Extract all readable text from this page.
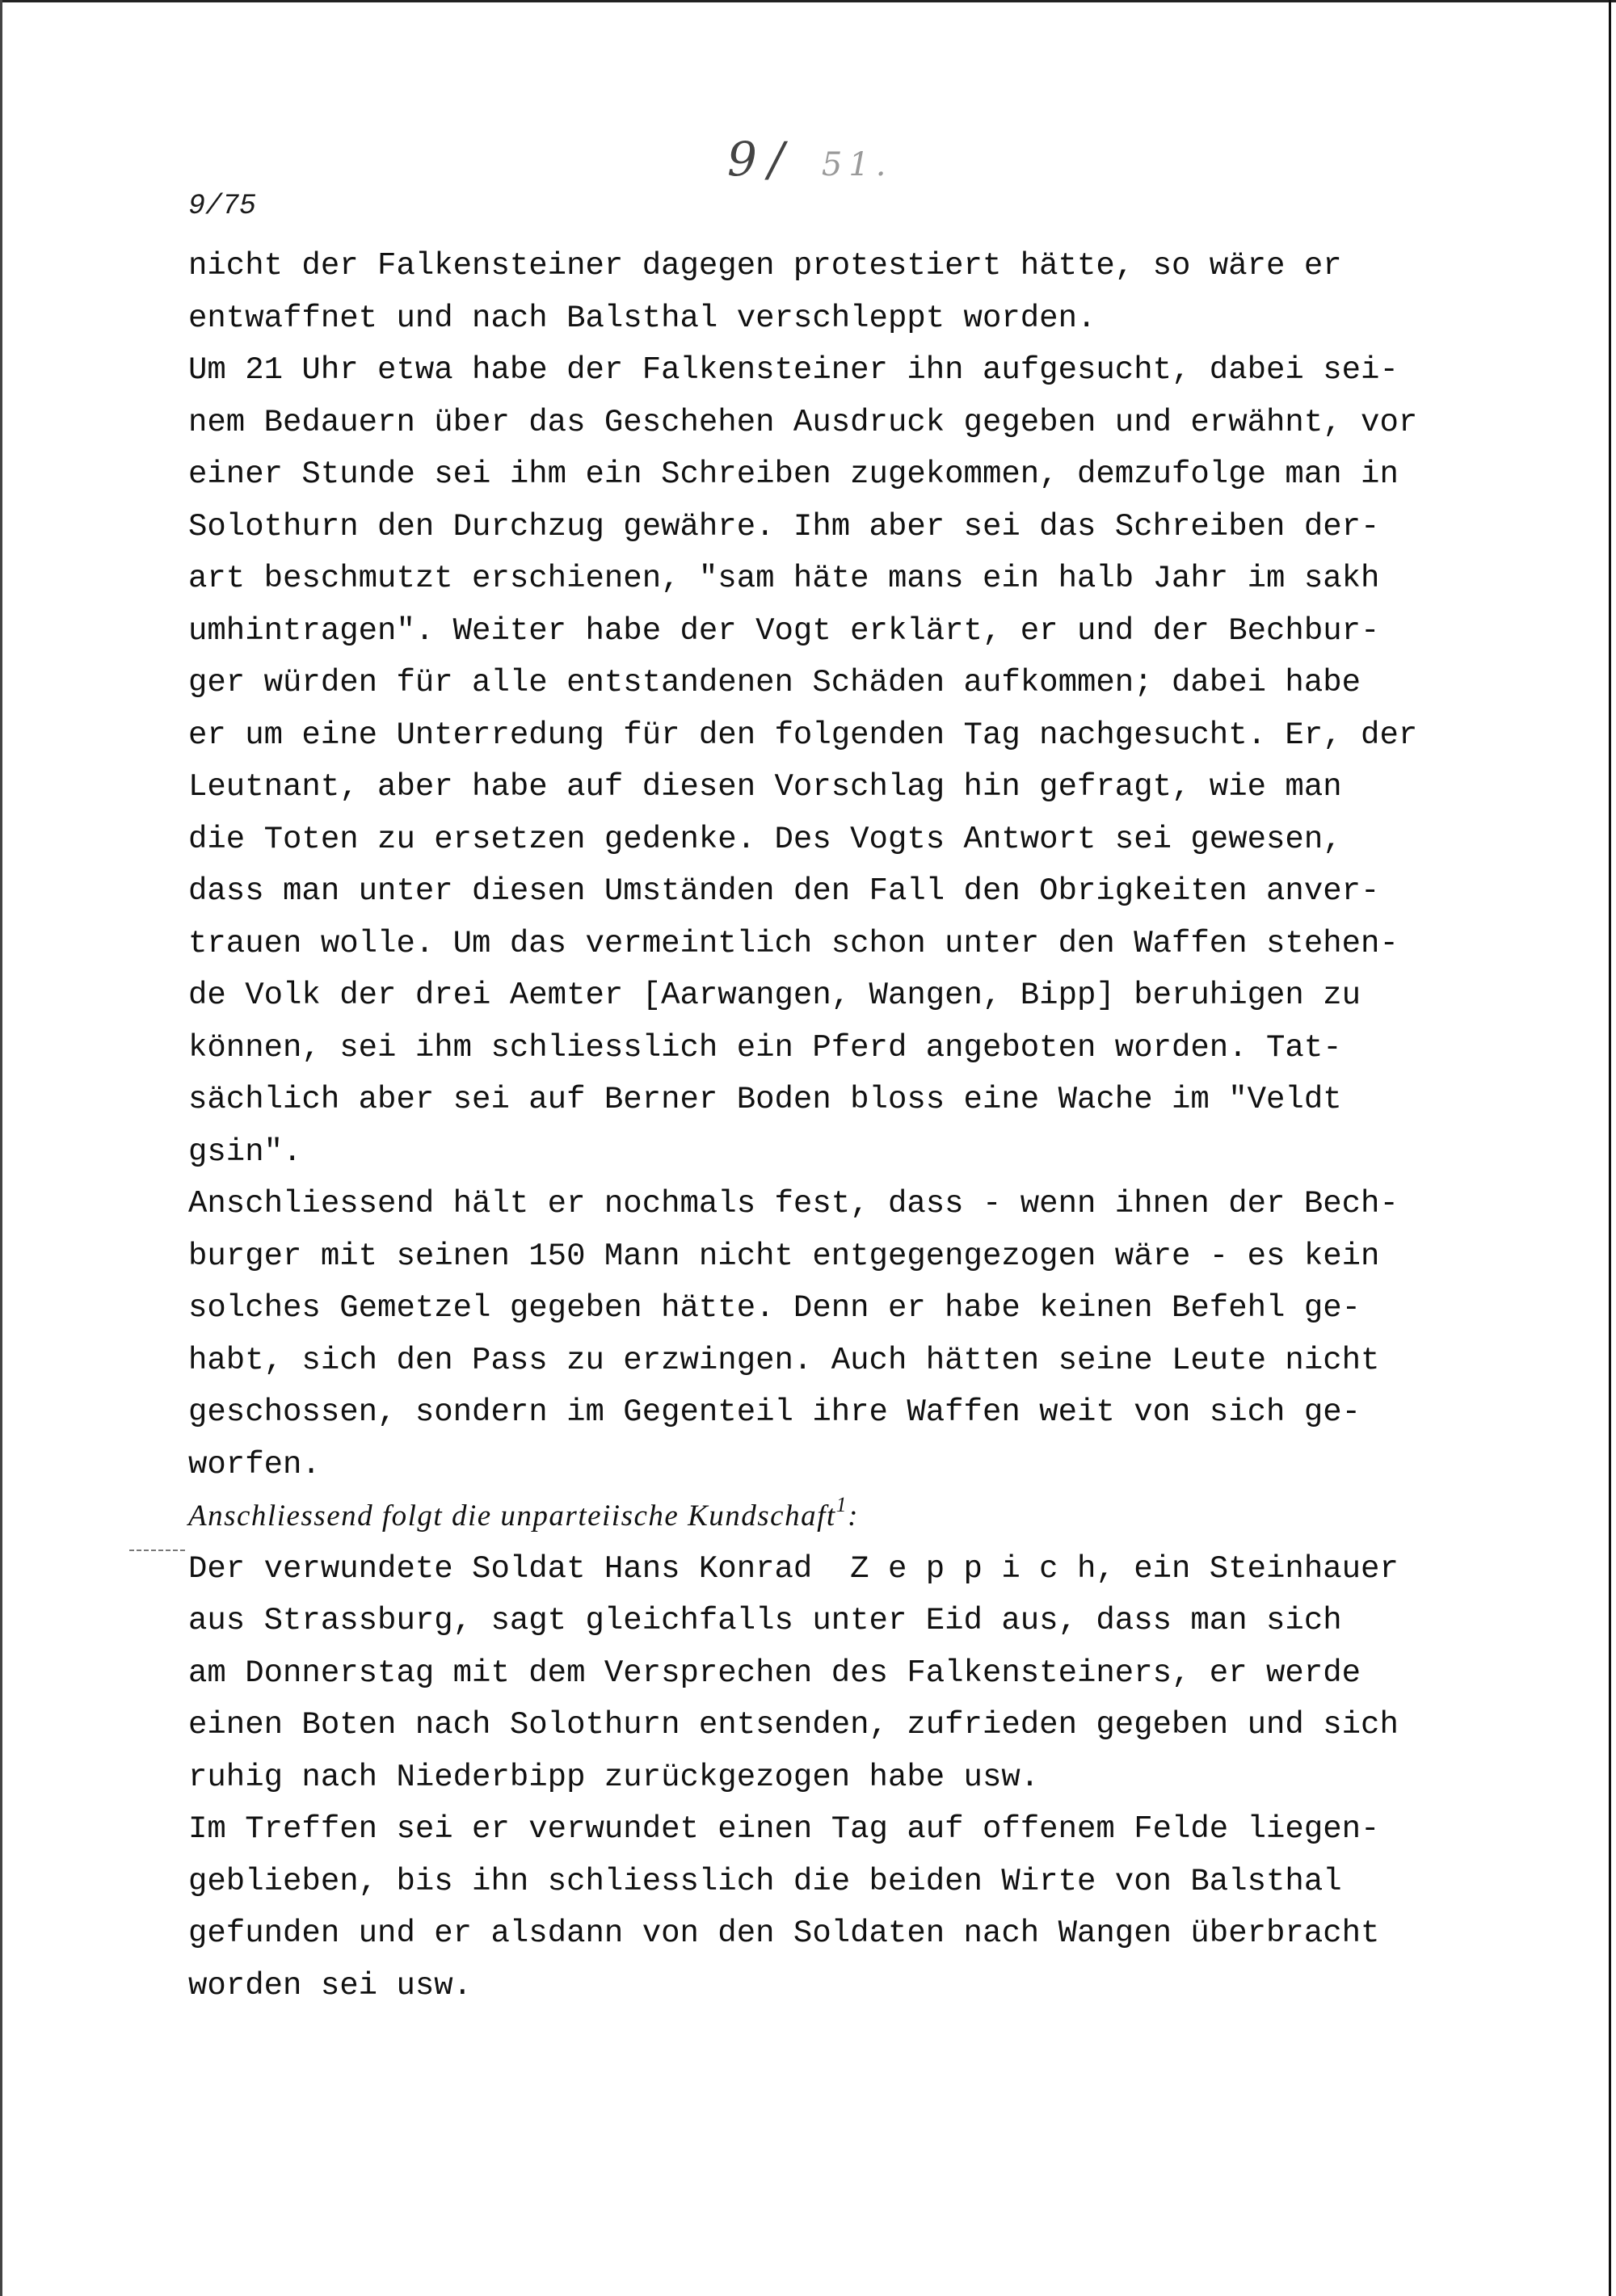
9/ 51.
9/75
nicht der Falkensteiner dagegen protestiert hätte, so wäre er
entwaffnet und nach Balsthal verschleppt worden.
Um 21 Uhr etwa habe der Falkensteiner ihn aufgesucht, dabei sei-
nem Bedauern über das Geschehen Ausdruck gegeben und erwähnt, vor
einer Stunde sei ihm ein Schreiben zugekommen, demzufolge man in
Solothurn den Durchzug gewähre. Ihm aber sei das Schreiben der-
art beschmutzt erschienen, "sam häte mans ein halb Jahr im sakh
umhintragen". Weiter habe der Vogt erklärt, er und der Bechbur-
ger würden für alle entstandenen Schäden aufkommen; dabei habe
er um eine Unterredung für den folgenden Tag nachgesucht. Er, der
Leutnant, aber habe auf diesen Vorschlag hin gefragt, wie man
die Toten zu ersetzen gedenke. Des Vogts Antwort sei gewesen,
dass man unter diesen Umständen den Fall den Obrigkeiten anver-
trauen wolle. Um das vermeintlich schon unter den Waffen stehen-
de Volk der drei Aemter [Aarwangen, Wangen, Bipp] beruhigen zu
können, sei ihm schliesslich ein Pferd angeboten worden. Tat-
sächlich aber sei auf Berner Boden bloss eine Wache im "Veldt
gsin".
Anschliessend hält er nochmals fest, dass - wenn ihnen der Bech-
burger mit seinen 150 Mann nicht entgegengezogen wäre - es kein
solches Gemetzel gegeben hätte. Denn er habe keinen Befehl ge-
habt, sich den Pass zu erzwingen. Auch hätten seine Leute nicht
geschossen, sondern im Gegenteil ihre Waffen weit von sich ge-
worfen.
Anschliessend folgt die unparteiische Kundschaft$^1$:
Der verwundete Soldat Hans Konrad  Z e p p i c h, ein Steinhauer
aus Strassburg, sagt gleichfalls unter Eid aus, dass man sich
am Donnerstag mit dem Versprechen des Falkensteiners, er werde
einen Boten nach Solothurn entsenden, zufrieden gegeben und sich
ruhig nach Niederbipp zurückgezogen habe usw.
Im Treffen sei er verwundet einen Tag auf offenem Felde liegen-
geblieben, bis ihn schliesslich die beiden Wirte von Balsthal
gefunden und er alsdann von den Soldaten nach Wangen überbracht
worden sei usw.
